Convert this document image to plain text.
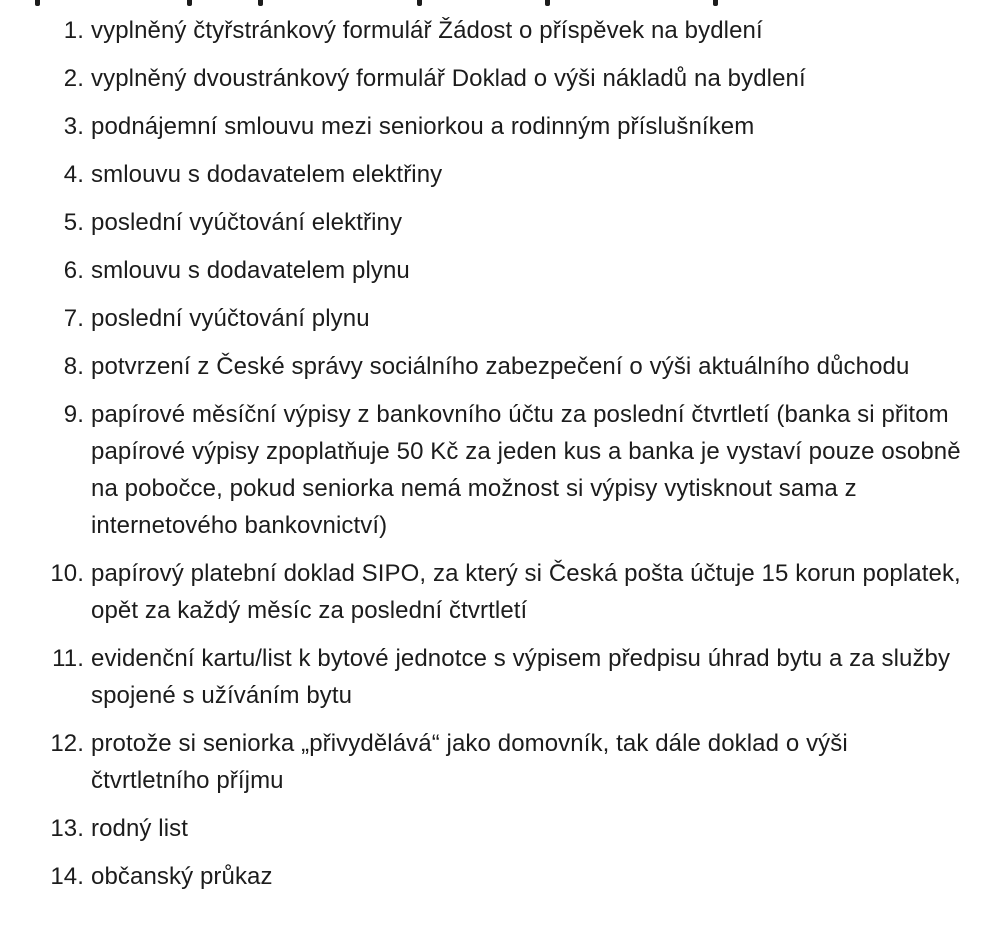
1. vyplněný čtyřstránkový formulář Žádost o příspěvek na bydlení
2. vyplněný dvoustránkový formulář Doklad o výši nákladů na bydlení
3. podnájemní smlouvu mezi seniorkou a rodinným příslušníkem
4. smlouvu s dodavatelem elektřiny
5. poslední vyúčtování elektřiny
6. smlouvu s dodavatelem plynu
7. poslední vyúčtování plynu
8. potvrzení z České správy sociálního zabezpečení o výši aktuálního důchodu
9. papírové měsíční výpisy z bankovního účtu za poslední čtvrtletí (banka si přitom papírové výpisy zpoplatňuje 50 Kč za jeden kus a banka je vystaví pouze osobně na pobočce, pokud seniorka nemá možnost si výpisy vytisknout sama z internetového bankovnictví)
10. papírový platební doklad SIPO, za který si Česká pošta účtuje 15 korun poplatek, opět za každý měsíc za poslední čtvrtletí
11. evidenční kartu/list k bytové jednotce s výpisem předpisu úhrad bytu a za služby spojené s užíváním bytu
12. protože si seniorka „přivydělává“ jako domovník, tak dále doklad o výši čtvrtletního příjmu
13. rodný list
14. občanský průkaz
